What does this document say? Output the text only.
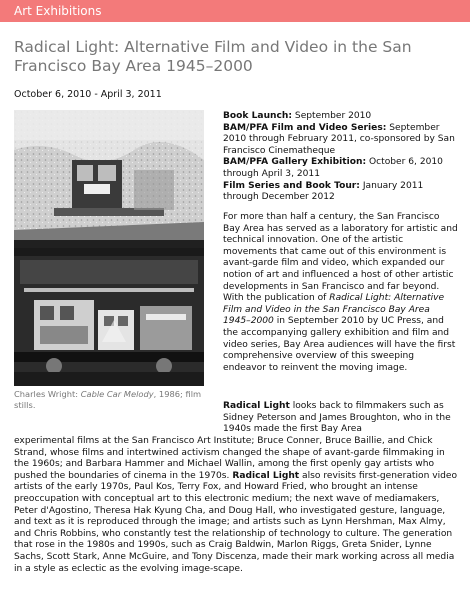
Art Exhibitions
Radical Light: Alternative Film and Video in the San Francisco Bay Area 1945–2000
October 6, 2010 - April 3, 2011
Charles Wright: Cable Car Melody, 1986; film stills.
Book Launch: September 2010
BAM/PFA Film and Video Series: September 2010 through February 2011, co-sponsored by San Francisco Cinematheque
BAM/PFA Gallery Exhibition: October 6, 2010 through April 3, 2011
Film Series and Book Tour: January 2011 through December 2012
For more than half a century, the San Francisco Bay Area has served as a laboratory for artistic and technical innovation. One of the artistic movements that came out of this environment is avant-garde film and video, which expanded our notion of art and influenced a host of other artistic developments in San Francisco and far beyond. With the publication of Radical Light: Alternative Film and Video in the San Francisco Bay Area 1945–2000 in September 2010 by UC Press, and the accompanying gallery exhibition and film and video series, Bay Area audiences will have the first comprehensive overview of this sweeping endeavor to reinvent the moving image.
Radical Light looks back to filmmakers such as Sidney Peterson and James Broughton, who in the 1940s made the first Bay Area
experimental films at the San Francisco Art Institute; Bruce Conner, Bruce Baillie, and Chick Strand, whose films and intertwined activism changed the shape of avant-garde filmmaking in the 1960s; and Barbara Hammer and Michael Wallin, among the first openly gay artists who pushed the boundaries of cinema in the 1970s. Radical Light also revisits first-generation video artists of the early 1970s, Paul Kos, Terry Fox, and Howard Fried, who brought an intense preoccupation with conceptual art to this electronic medium; the next wave of mediamakers, Peter d'Agostino, Theresa Hak Kyung Cha, and Doug Hall, who investigated gesture, language, and text as it is reproduced through the image; and artists such as Lynn Hershman, Max Almy, and Chris Robbins, who constantly test the relationship of technology to culture. The generation that rose in the 1980s and 1990s, such as Craig Baldwin, Marlon Riggs, Greta Snider, Lynne Sachs, Scott Stark, Anne McGuire, and Tony Discenza, made their mark working across all media in a style as eclectic as the evolving image-scape.
